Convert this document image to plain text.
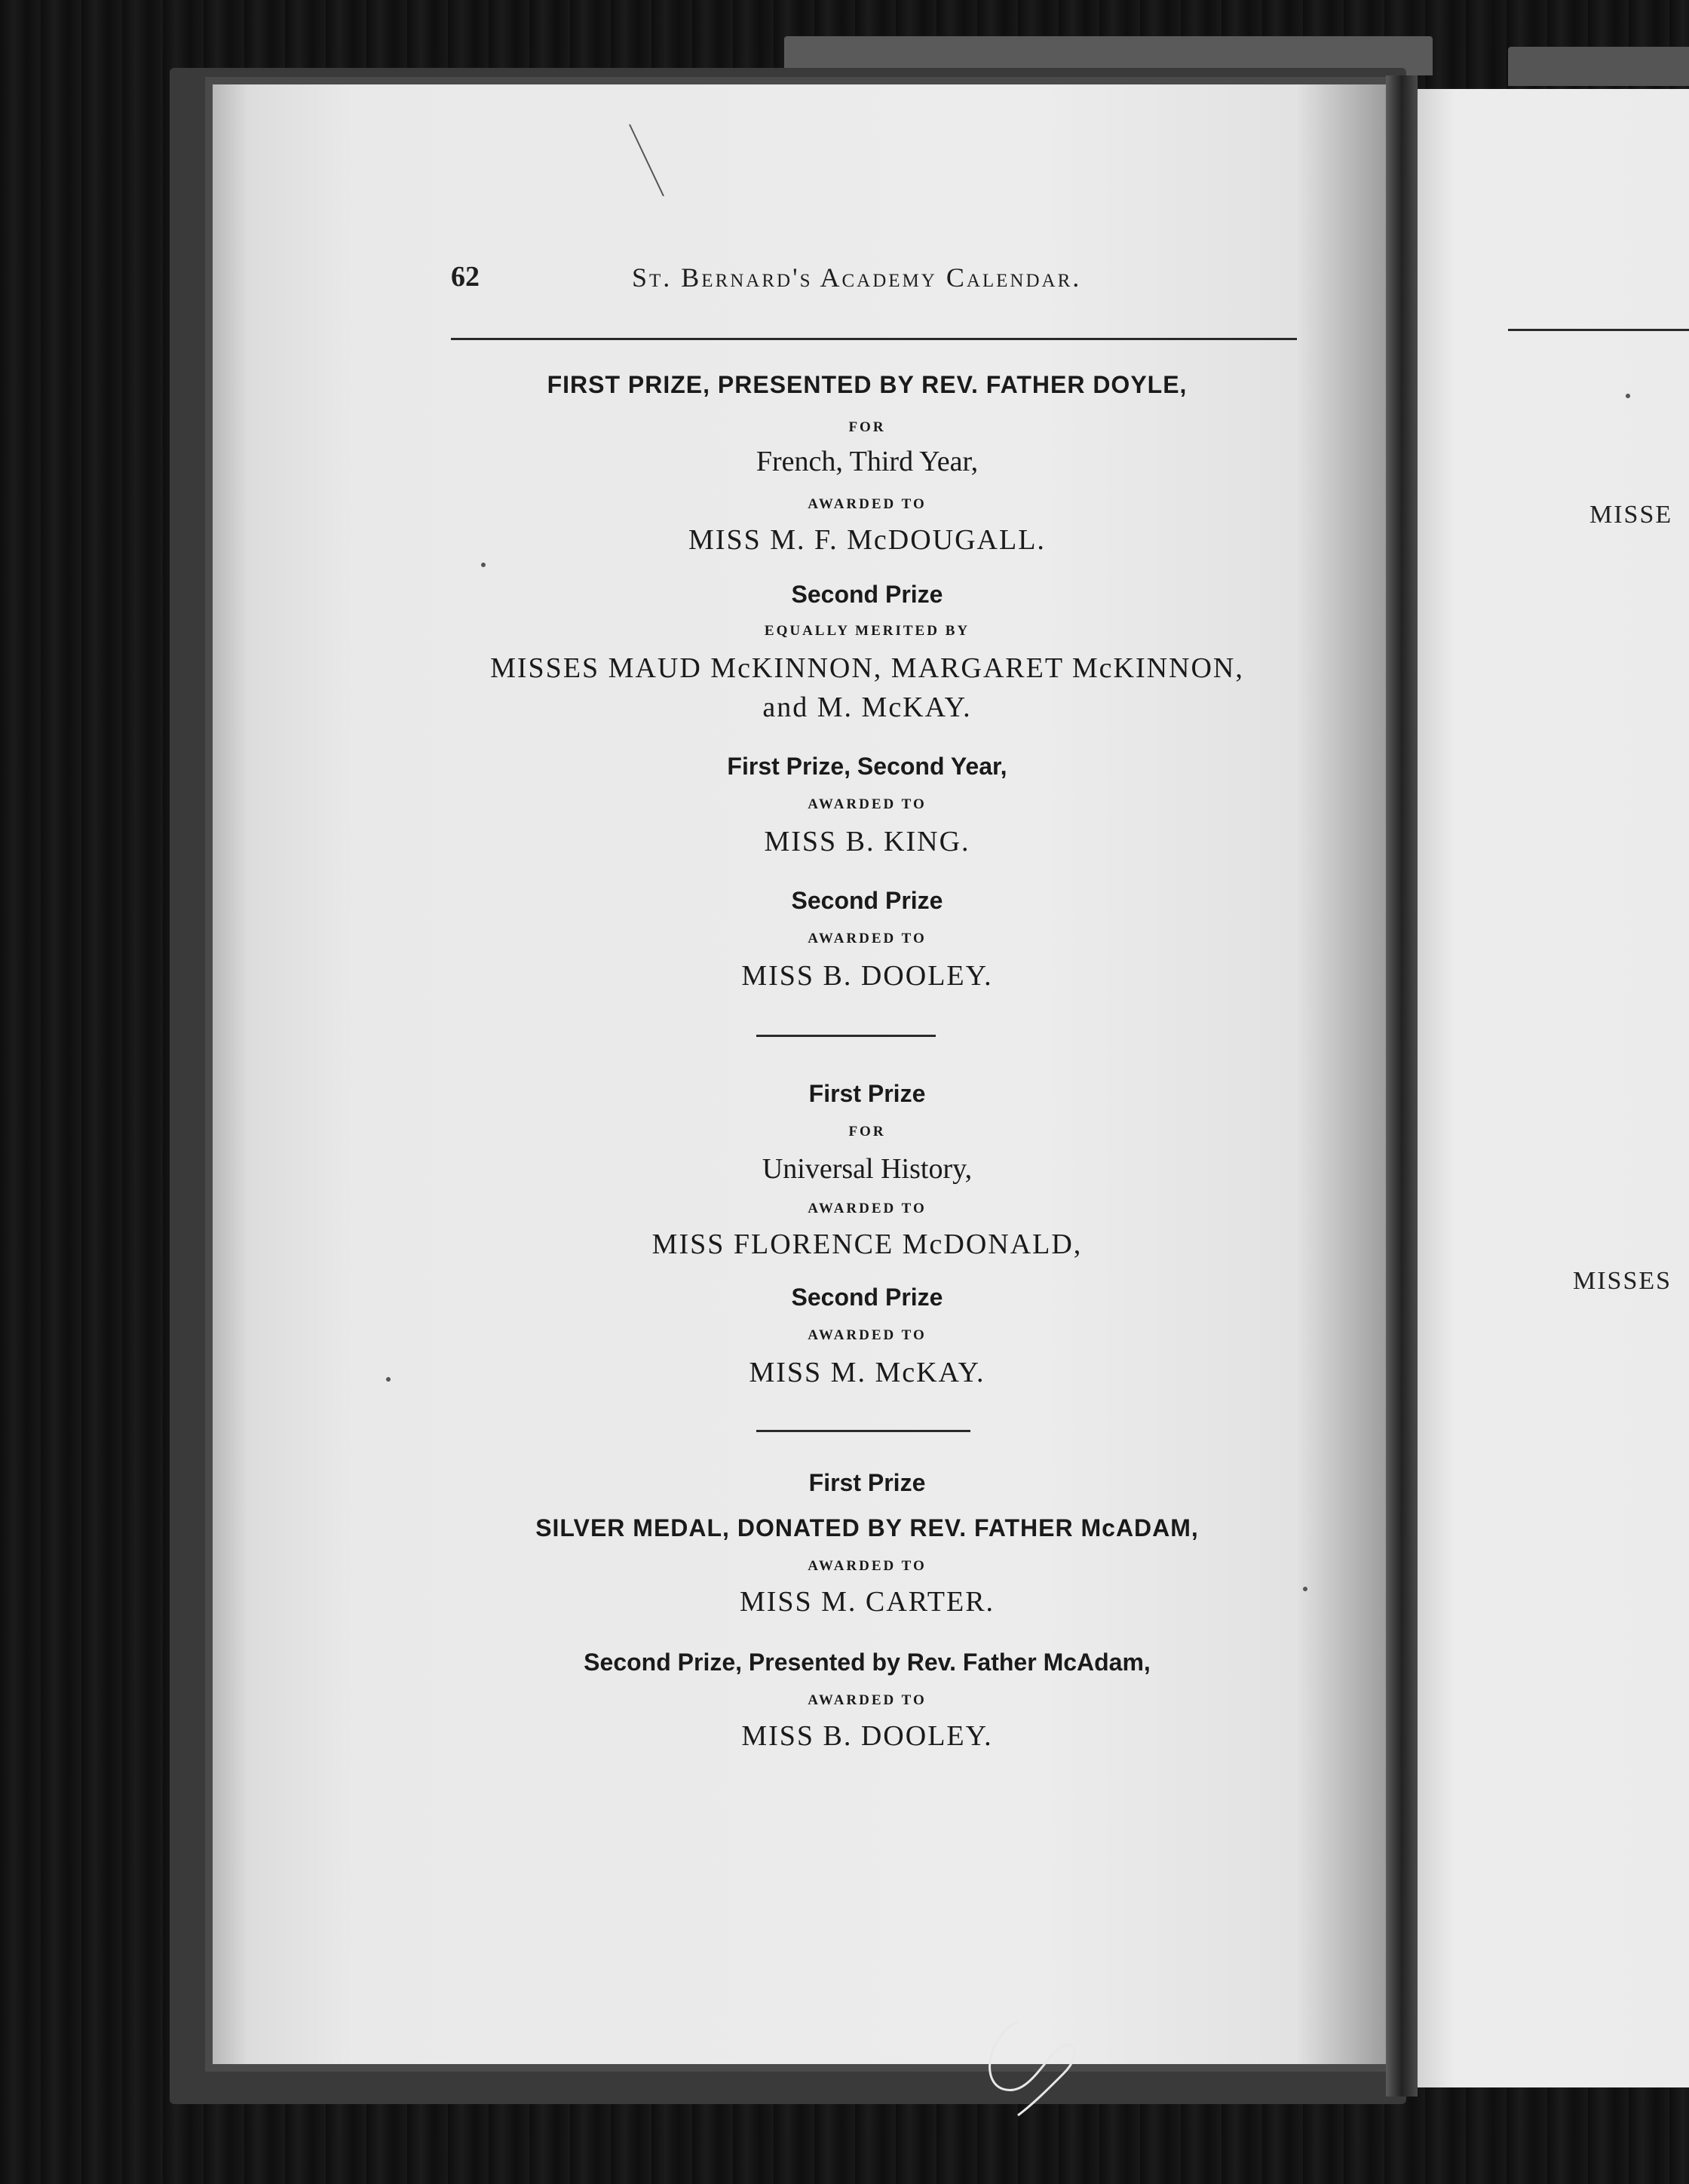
62	St. Bernard's Academy Calendar.
FIRST PRIZE, PRESENTED BY REV. FATHER DOYLE,
FOR
French, Third Year,
AWARDED TO
MISS M. F. McDOUGALL.
Second Prize
EQUALLY MERITED BY
MISSES MAUD McKINNON, MARGARET McKINNON,
and M. McKAY.
First Prize, Second Year,
AWARDED TO
MISS B. KING.
Second Prize
AWARDED TO
MISS B. DOOLEY.
First Prize
FOR
Universal History,
AWARDED TO
MISS FLORENCE McDONALD,
Second Prize
AWARDED TO
MISS M. McKAY.
First Prize
SILVER MEDAL, DONATED BY REV. FATHER McADAM,
AWARDED TO
MISS M. CARTER.
Second Prize, Presented by Rev. Father McAdam,
AWARDED TO
MISS B. DOOLEY.
MISSE
MISSES
